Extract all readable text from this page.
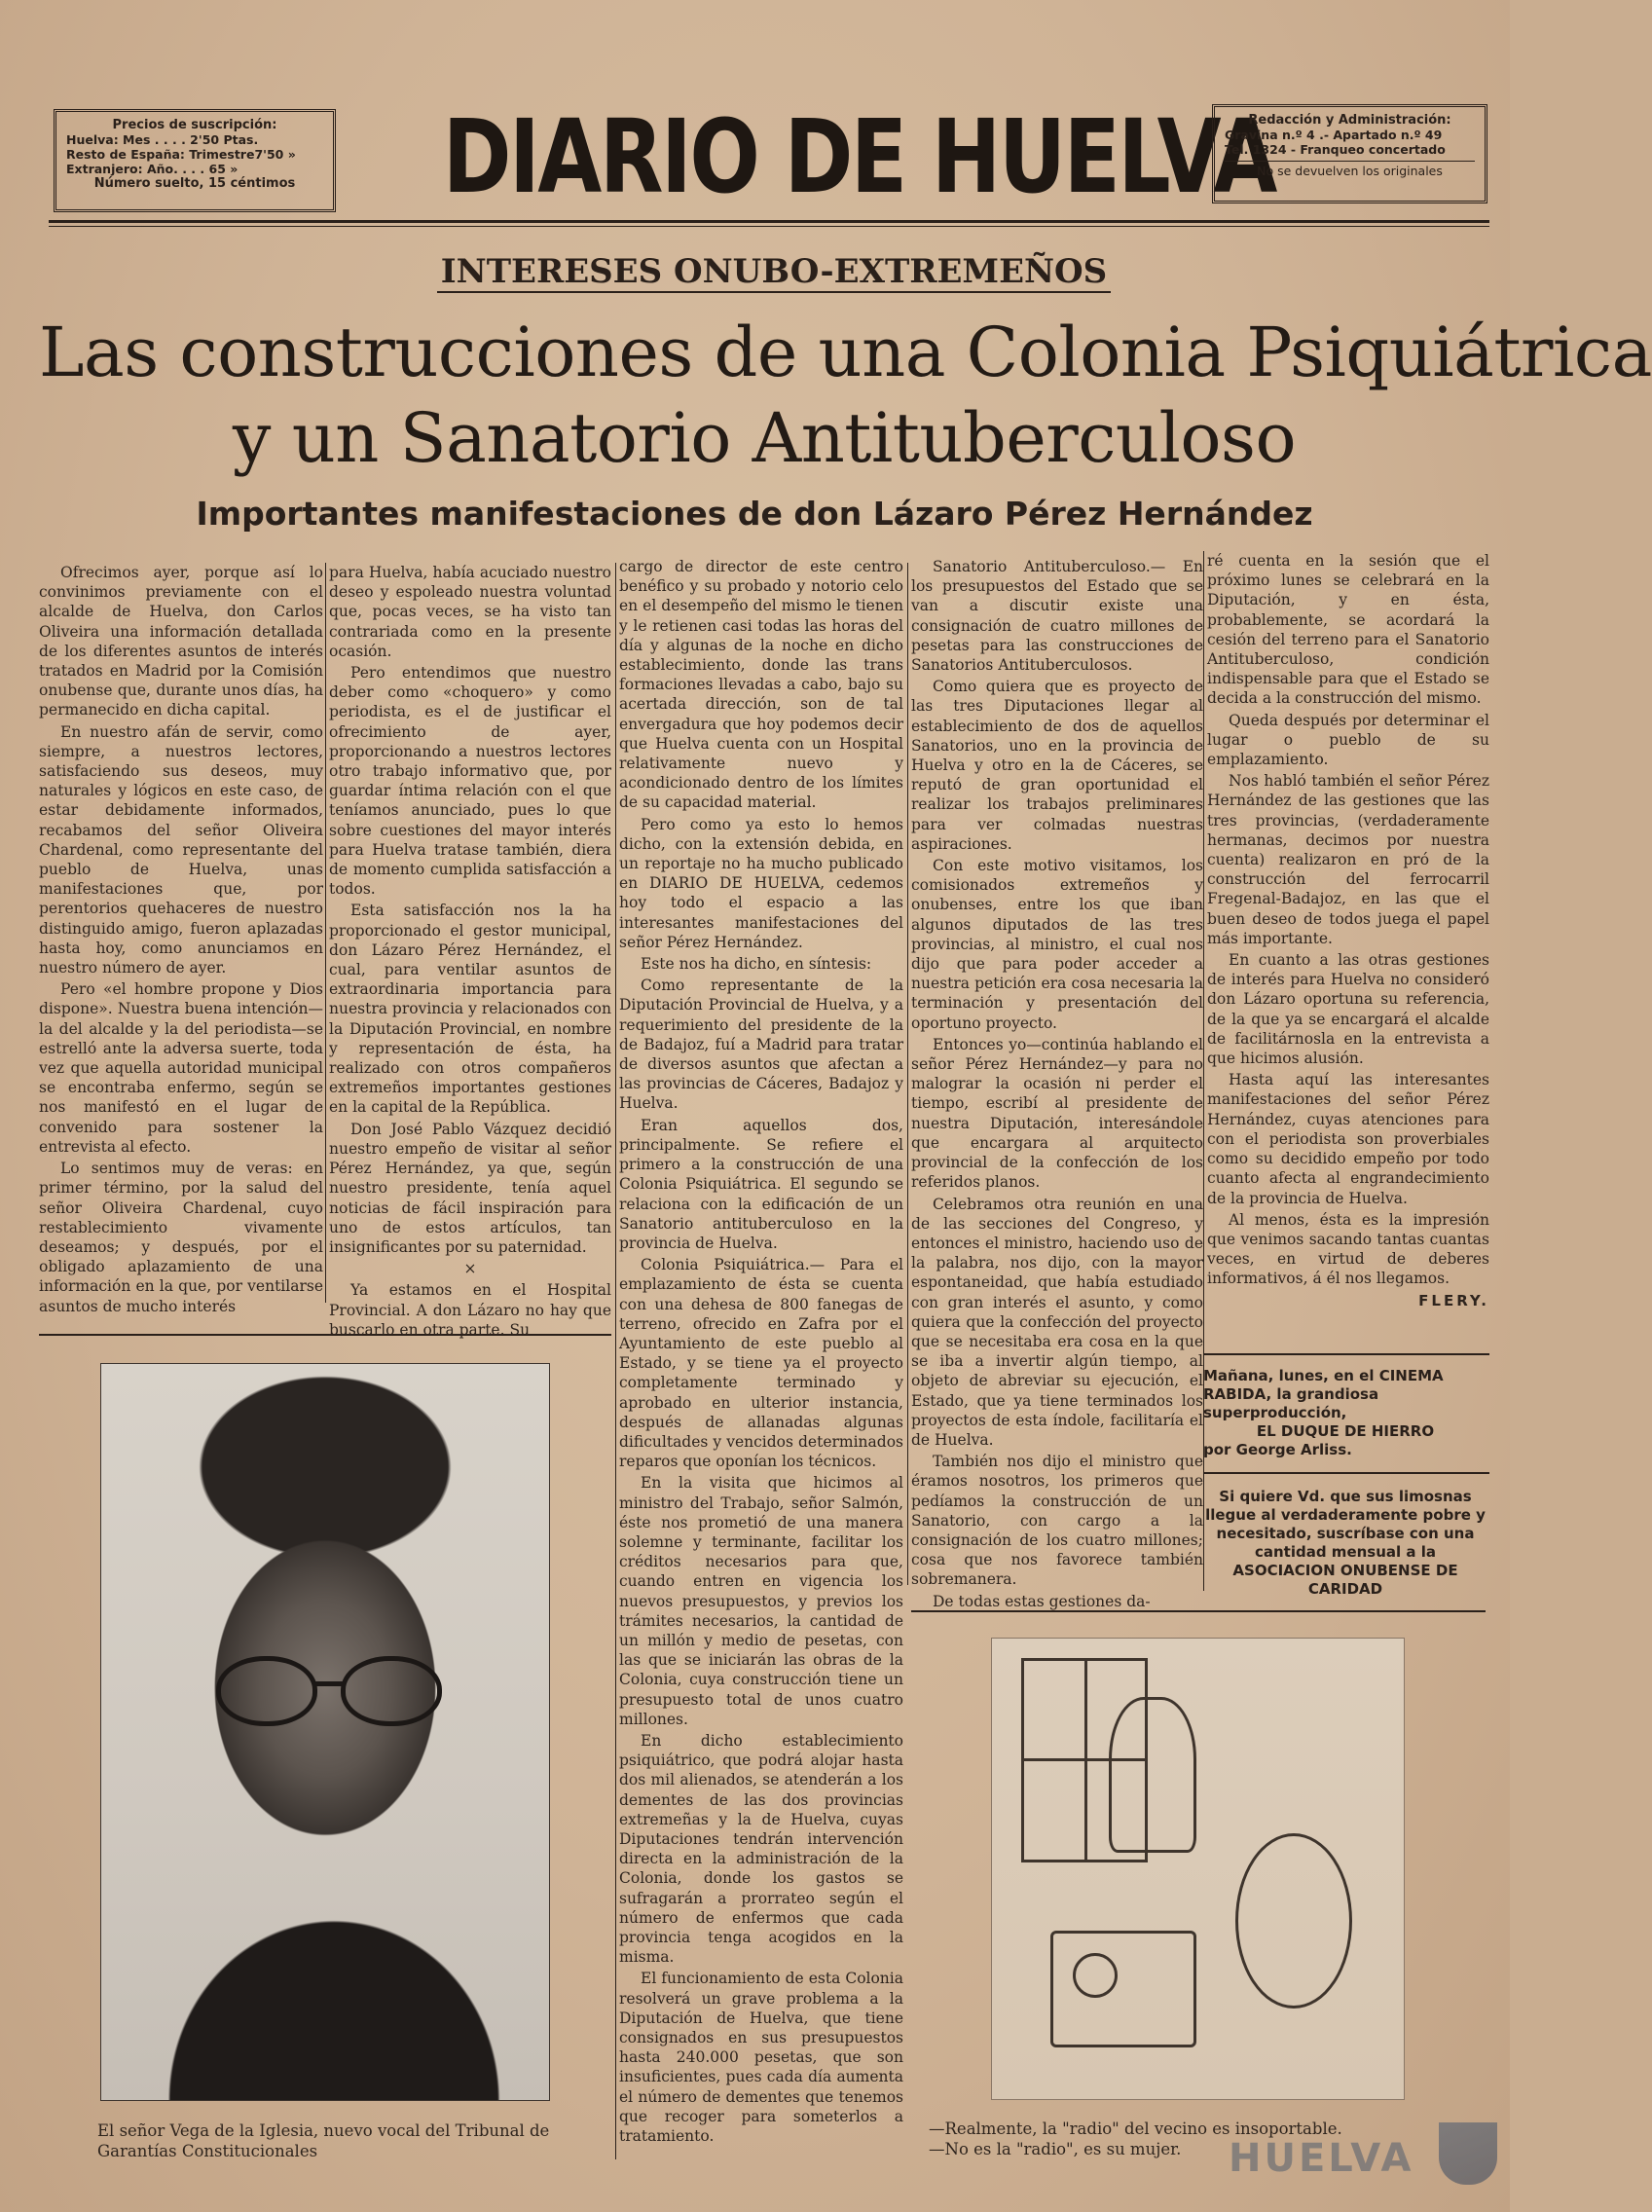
Precios de suscripción:
Huelva: Mes . . . . 2'50 Ptas.
Resto de España: Trimestre7'50 »
Extranjero: Año. . . . 65 »
Número suelto, 15 céntimos DIARIO DE HUELVA
Redacción y Administración:
Gravina n.º 4 .- Apartado n.º 49
Tel. 1324 - Franqueo concertado
No se devuelven los originales
INTERESES ONUBO-EXTREMEÑOS
Las construcciones de una Colonia Psiquiátrica
y un Sanatorio Antituberculoso
Importantes manifestaciones de don Lázaro Pérez Hernández

Ofrecimos ayer, porque así lo convinimos previamente con el alcalde de Huelva, don Carlos Oliveira una información detallada de los diferentes asuntos de interés tratados en Madrid por la Comisión onubense que, durante unos días, ha permanecido en dicha capital.

En nuestro afán de servir, como siempre, a nuestros lectores, satisfaciendo sus deseos, muy naturales y lógicos en este caso, de estar debidamente informados, recabamos del señor Oliveira Chardenal, como representante del pueblo de Huelva, unas manifestaciones que, por perentorios quehaceres de nuestro distinguido amigo, fueron aplazadas hasta hoy, como anunciamos en nuestro número de ayer.

Pero «el hombre propone y Dios dispone». Nuestra buena intención—la del alcalde y la del periodista—se estrelló ante la adversa suerte, toda vez que aquella autoridad municipal se encontraba enfermo, según se nos manifestó en el lugar de convenido para sostener la entrevista al efecto.

Lo sentimos muy de veras: en primer término, por la salud del señor Oliveira Chardenal, cuyo restablecimiento vivamente deseamos; y después, por el obligado aplazamiento de una información en la que, por ventilarse asuntos de mucho interés

para Huelva, había acuciado nuestro deseo y espoleado nuestra voluntad que, pocas veces, se ha visto tan contrariada como en la presente ocasión.

Pero entendimos que nuestro deber como «choquero» y como periodista, es el de justificar el ofrecimiento de ayer, proporcionando a nuestros lectores otro trabajo informativo que, por guardar íntima relación con el que teníamos anunciado, pues lo que sobre cuestiones del mayor interés para Huelva tratase también, diera de momento cumplida satisfacción a todos.

Esta satisfacción nos la ha proporcionado el gestor municipal, don Lázaro Pérez Hernández, el cual, para ventilar asuntos de extraordinaria importancia para nuestra provincia y relacionados con la Diputación Provincial, en nombre y representación de ésta, ha realizado con otros compañeros extremeños importantes gestiones en la capital de la República.

Don José Pablo Vázquez decidió nuestro empeño de visitar al señor Pérez Hernández, ya que, según nuestro presidente, tenía aquel noticias de fácil inspiración para uno de estos artículos, tan insignificantes por su paternidad.

×

Ya estamos en el Hospital Provincial. A don Lázaro no hay que buscarlo en otra parte. Su

cargo de director de este centro benéfico y su probado y notorio celo en el desempeño del mismo le tienen y le retienen casi todas las horas del día y algunas de la noche en dicho establecimiento, donde las trans formaciones llevadas a cabo, bajo su acertada dirección, son de tal envergadura que hoy podemos decir que Huelva cuenta con un Hospital relativamente nuevo y acondicionado dentro de los límites de su capacidad material.

Pero como ya esto lo hemos dicho, con la extensión debida, en un reportaje no ha mucho publicado en DIARIO DE HUELVA, cedemos hoy todo el espacio a las interesantes manifestaciones del señor Pérez Hernández.

Este nos ha dicho, en síntesis:

Como representante de la Diputación Provincial de Huelva, y a requerimiento del presidente de la de Badajoz, fuí a Madrid para tratar de diversos asuntos que afectan a las provincias de Cáceres, Badajoz y Huelva.

Eran aquellos dos, principalmente. Se refiere el primero a la construcción de una Colonia Psiquiátrica. El segundo se relaciona con la edificación de un Sanatorio antituberculoso en la provincia de Huelva.

Colonia Psiquiátrica.— Para el emplazamiento de ésta se cuenta con una dehesa de 800 fanegas de terreno, ofrecido en Zafra por el Ayuntamiento de este pueblo al Estado, y se tiene ya el proyecto completamente terminado y aprobado en ulterior instancia, después de allanadas algunas dificultades y vencidos determinados reparos que oponían los técnicos.

En la visita que hicimos al ministro del Trabajo, señor Salmón, éste nos prometió de una manera solemne y terminante, facilitar los créditos necesarios para que, cuando entren en vigencia los nuevos presupuestos, y previos los trámites necesarios, la cantidad de un millón y medio de pesetas, con las que se iniciarán las obras de la Colonia, cuya construcción tiene un presupuesto total de unos cuatro millones.

En dicho establecimiento psiquiátrico, que podrá alojar hasta dos mil alienados, se atenderán a los dementes de las dos provincias extremeñas y la de Huelva, cuyas Diputaciones tendrán intervención directa en la administración de la Colonia, donde los gastos se sufragarán a prorrateo según el número de enfermos que cada provincia tenga acogidos en la misma.

El funcionamiento de esta Colonia resolverá un grave problema a la Diputación de Huelva, que tiene consignados en sus presupuestos hasta 240.000 pesetas, que son insuficientes, pues cada día aumenta el número de dementes que tenemos que recoger para someterlos a tratamiento.

Sanatorio Antituberculoso.— En los presupuestos del Estado que se van a discutir existe una consignación de cuatro millones de pesetas para las construcciones de Sanatorios Antituberculosos.

Como quiera que es proyecto de las tres Diputaciones llegar al establecimiento de dos de aquellos Sanatorios, uno en la provincia de Huelva y otro en la de Cáceres, se reputó de gran oportunidad el realizar los trabajos preliminares para ver colmadas nuestras aspiraciones.

Con este motivo visitamos, los comisionados extremeños y onubenses, entre los que iban algunos diputados de las tres provincias, al ministro, el cual nos dijo que para poder acceder a nuestra petición era cosa necesaria la terminación y presentación del oportuno proyecto.

Entonces yo—continúa hablando el señor Pérez Hernández—y para no malograr la ocasión ni perder el tiempo, escribí al presidente de nuestra Diputación, interesándole que encargara al arquitecto provincial de la confección de los referidos planos.

Celebramos otra reunión en una de las secciones del Congreso, y entonces el ministro, haciendo uso de la palabra, nos dijo, con la mayor espontaneidad, que había estudiado con gran interés el asunto, y como quiera que la confección del proyecto que se necesitaba era cosa en la que se iba a invertir algún tiempo, al objeto de abreviar su ejecución, el Estado, que ya tiene terminados los proyectos de esta índole, facilitaría el de Huelva.

También nos dijo el ministro que éramos nosotros, los primeros que pedíamos la construcción de un Sanatorio, con cargo a la consignación de los cuatro millones; cosa que nos favorece también sobremanera.

De todas estas gestiones da-

ré cuenta en la sesión que el próximo lunes se celebrará en la Diputación, y en ésta, probablemente, se acordará la cesión del terreno para el Sanatorio Antituberculoso, condición indispensable para que el Estado se decida a la construcción del mismo.

Queda después por determinar el lugar o pueblo de su emplazamiento.

Nos habló también el señor Pérez Hernández de las gestiones que las tres provincias, (verdaderamente hermanas, decimos por nuestra cuenta) realizaron en pró de la construcción del ferrocarril Fregenal-Badajoz, en las que el buen deseo de todos juega el papel más importante.

En cuanto a las otras gestiones de interés para Huelva no consideró don Lázaro oportuna su referencia, de la que ya se encargará el alcalde de facilitárnosla en la entrevista a que hicimos alusión.

Hasta aquí las interesantes manifestaciones del señor Pérez Hernández, cuyas atenciones para con el periodista son proverbiales como su decidido empeño por todo cuanto afecta al engrandecimiento de la provincia de Huelva.

Al menos, ésta es la impresión que venimos sacando tantas cuantas veces, en virtud de deberes informativos, á él nos llegamos.

FLERY.

Mañana, lunes, en el CINEMA RABIDA, la grandiosa superproducción,
EL DUQUE DE HIERRO
por George Arliss.
Si quiere Vd. que sus limosnas llegue al verdaderamente pobre y necesitado, suscríbase con una cantidad mensual a la
ASOCIACION ONUBENSE DE CARIDAD
El señor Vega de la Iglesia, nuevo vocal del Tribunal de Garantías Constitucionales
—Realmente, la "radio" del vecino es insoportable.
—No es la "radio", es su mujer.	HUELVA
